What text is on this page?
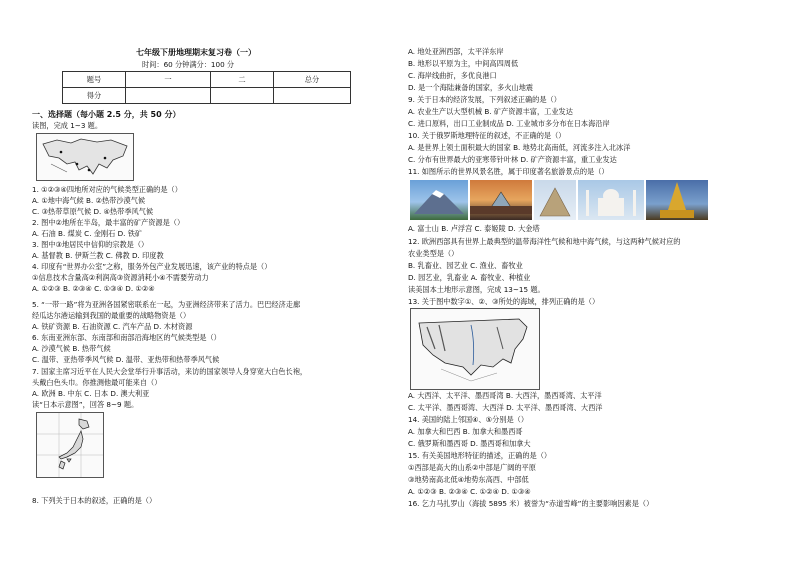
七年级下册地理期末复习卷（一）
时间：60 分钟满分：100 分
题号	一	二	总分
得分			
一、选择题（每小题 2.5 分，共 50 分）
读图，完成 1~3 题。
1. ①②③④四地所对应的气候类型正确的是（）
A. ①地中海气候 B. ②热带沙漠气候
C. ③热带草原气候 D. ④热带季风气候
2. 图中②地所在半岛，最丰富的矿产资源是（）
A. 石油 B. 煤炭 C. 金刚石 D. 铁矿
3. 图中③地居民中信仰的宗教是（）
A. 基督教 B. 伊斯兰教 C. 佛教 D. 印度教
4. 印度有“世界办公室”之称，服务外包产业发展迅速，该产业的特点是（）
①信息技术含量高②利润高③资源消耗小④不需要劳动力
A. ①②③ B. ②③④ C. ①③④ D. ①②④
5. “一带一路”将为亚洲各国紧密联系在一起，为亚洲经济带来了活力。巴巴经济走廊
经瓜达尔港运输到我国的最重要的战略物资是（）
A. 铁矿资源 B. 石油资源 C. 汽车产品 D. 木材资源
6. 东南亚洲东部、东南部和南部沿海地区的气候类型是（）
A. 沙漠气候 B. 热带气候
C. 温带、亚热带季风气候 D. 温带、亚热带和热带季风气候
7. 国家主席习近平在人民大会堂举行升事活动，来访的国家领导人身穿宽大白色长袍，
头戴白色头巾。你推测他最可能来自（）
A. 欧洲 B. 中东 C. 日本 D. 澳大利亚
读“日本示意图”，回答 8~9 题。
8. 下列关于日本的叙述，正确的是（）
A. 地处亚洲西部，太平洋东岸
B. 地形以平原为主，中间高四周低
C. 海岸线曲折，多优良港口
D. 是一个海陆兼备的国家，多火山地震
9. 关于日本的经济发展，下列叙述正确的是（）
A. 农业生产以大型机械 B. 矿产资源丰富，工业发达
C. 进口原料，出口工业制成品 D. 工业城市多分布在日本海沿岸
10. 关于俄罗斯地理特征的叙述，不正确的是（）
A. 是世界上领土面积最大的国家 B. 地势北高南低，河流多注入北冰洋
C. 分布有世界最大的亚寒带针叶林 D. 矿产资源丰富，重工业发达
11. 如图所示的世界风景名胜，属于印度著名旅游景点的是（）
A. 富士山 B. 卢浮宫 C. 泰姬陵 D. 大金塔
12. 欧洲西部具有世界上最典型的温带海洋性气候和地中海气候，与这两种气候对应的
农业类型是（）
B. 乳畜业、园艺业 C. 渔业、畜牧业
D. 园艺业，乳畜业 A. 畜牧业、种植业
读美国本土地形示意图，完成 13~15 题。
13. 关于图中数字①、②、③所处的海域，排列正确的是（）
A. 大西洋、太平洋、墨西哥湾 B. 大西洋，墨西哥湾、太平洋
C. 太平洋、墨西哥湾、大西洋 D. 太平洋、墨西哥湾、大西洋
14. 美国的陆上邻国④、⑤分别是（）
A. 加拿大和巴西 B. 加拿大和墨西哥
C. 俄罗斯和墨西哥 D. 墨西哥和加拿大
15. 有关美国地形特征的描述，正确的是（）
①西部是高大的山系②中部是广阔的平原
③地势南高北低④地势东高西、中部低
A. ①②③ B. ②③④ C. ①②④ D. ①③④
16. 乞力马扎罗山（海拔 5895 米）被誉为“赤道雪峰”的主要影响因素是（）
